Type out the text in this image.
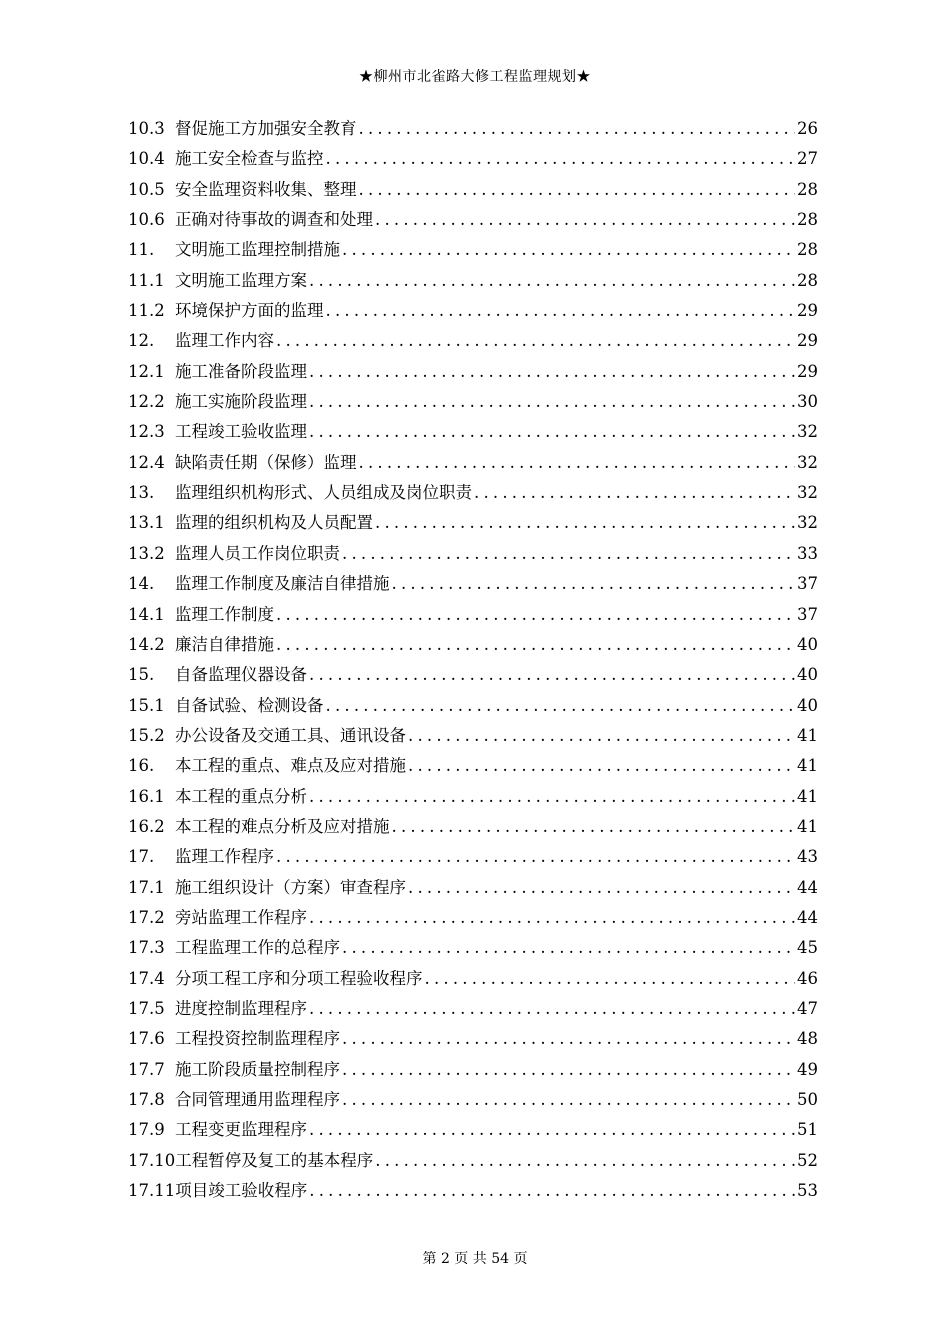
★柳州市北雀路大修工程监理规划★
10.3 督促施工方加强安全教育 .....	26
10.4 施工安全检查与监控 .....	27
10.5 安全监理资料收集、整理 .....	28
10.6 正确对待事故的调查和处理 .....	28
11.	文明施工监理控制措施 .....	28
11.1 文明施工监理方案 .....	28
11.2 环境保护方面的监理 .....	29
12.	监理工作内容 .....	29
12.1 施工准备阶段监理 .....	29
12.2 施工实施阶段监理 .....	30
12.3 工程竣工验收监理 .....	32
12.4 缺陷责任期（保修）监理 .....	32
13.	监理组织机构形式、人员组成及岗位职责 .....	32
13.1 监理的组织机构及人员配置 .....	32
13.2 监理人员工作岗位职责 .....	33
14.	监理工作制度及廉洁自律措施 .....	37
14.1 监理工作制度 .....	37
14.2 廉洁自律措施 .....	40
15.	自备监理仪器设备 .....	40
15.1 自备试验、检测设备 .....	40
15.2 办公设备及交通工具、通讯设备 .....	41
16.	本工程的重点、难点及应对措施 .....	41
16.1 本工程的重点分析 .....	41
16.2 本工程的难点分析及应对措施 .....	41
17.	监理工作程序 .....	43
17.1 施工组织设计（方案）审查程序 .....	44
17.2 旁站监理工作程序 .....	44
17.3 工程监理工作的总程序 .....	45
17.4 分项工程工序和分项工程验收程序 .....	46
17.5 进度控制监理程序 .....	47
17.6 工程投资控制监理程序 .....	48
17.7 施工阶段质量控制程序 .....	49
17.8 合同管理通用监理程序 .....	50
17.9 工程变更监理程序 .....	51
17.10 工程暂停及复工的基本程序 .....	52
17.11 项目竣工验收程序 .....	53
第 2 页 共 54 页
